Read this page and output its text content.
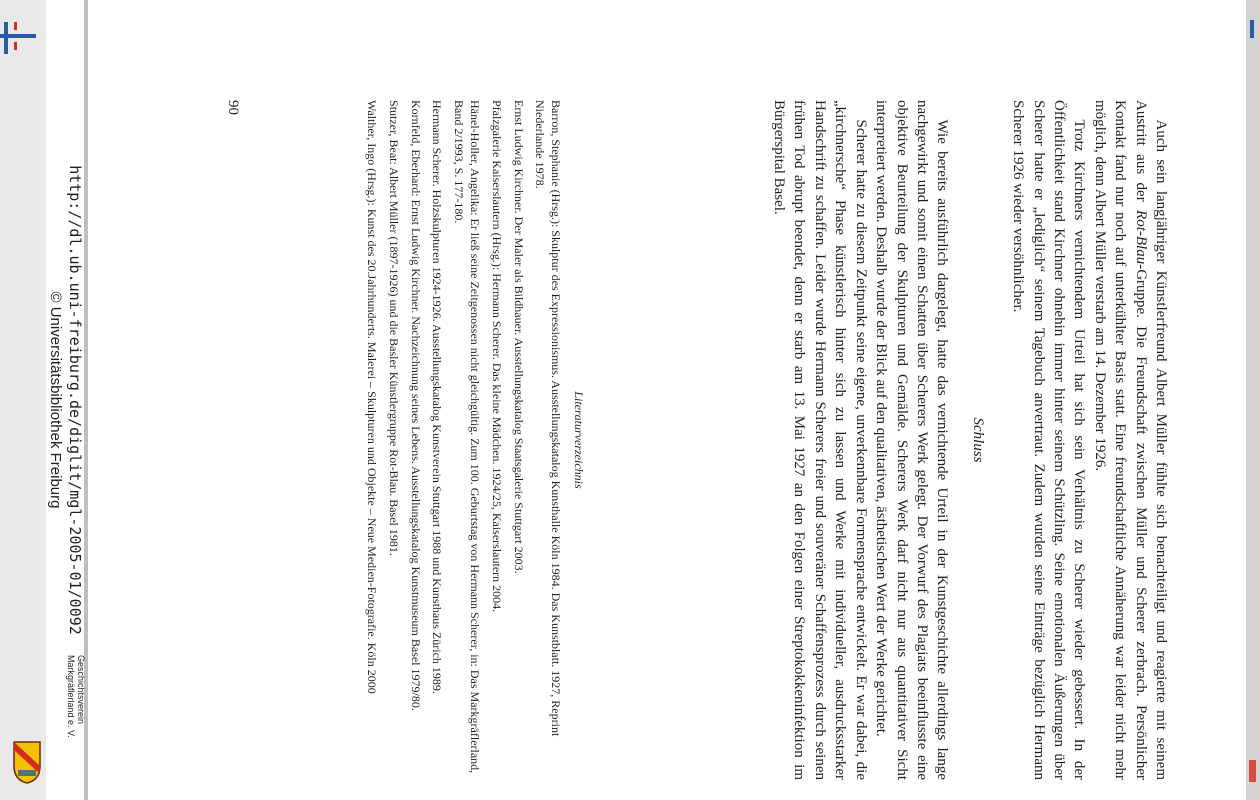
Auch sein langjähriger Künstlerfreund Albert Müller fühlte sich benachteiligt und reagierte mit seinem Austritt aus der Rot-Blau-Gruppe. Die Freundschaft zwischen Müller und Scherer zerbrach. Persönlicher Kontakt fand nur noch auf unterkühlter Basis statt. Eine freundschaftliche Annäherung war leider nicht mehr möglich, denn Albert Müller verstarb am 14. Dezember 1926.

Trotz Kirchners vernichtendem Urteil hat sich sein Verhältnis zu Scherer wieder gebessert. In der Öffentlichkeit stand Kirchner ohnehin immer hinter seinem Schützling. Seine emotionalen Äußerungen über Scherer hatte er „lediglich“ seinem Tagebuch anvertraut. Zudem wurden seine Einträge bezüglich Hermann Scherer 1926 wieder versöhnlicher.

Schluss

Wie bereits ausführlich dargelegt, hatte das vernichtende Urteil in der Kunstgeschichte allerdings lange nachgewirkt und somit einen Schatten über Scherers Werk gelegt. Der Vorwurf des Plagiats beeinflusste eine objektive Beurteilung der Skulpturen und Gemälde. Scherers Werk darf nicht nur aus quantitativer Sicht interpretiert werden. Deshalb wurde der Blick auf den qualitativen, ästhetischen Wert der Werke gerichtet.

Scherer hatte zu diesem Zeitpunkt seine eigene, unverkennbare Formensprache entwickelt. Er war dabei, die „kirchnersche“ Phase künstlerisch hinter sich zu lassen und Werke mit individueller, ausdrucksstarker Handschrift zu schaffen. Leider wurde Hermann Scherers freier und souveräner Schaffensprozess durch seinen frühen Tod abrupt beendet, denn er starb am 13. Mai 1927 an den Folgen einer Streptokokkeninfektion im Bürgerspital Basel.

Literaturverzeichnis
Barron, Stephanie (Hrsg.): Skulptur des Expressionismus. Ausstellungskatalog Kunsthalle Köln 1984. Das Kunstblatt. 1927, Reprint Niederlande 1978.
Ernst Ludwig Kirchner. Der Maler als Bildhauer. Ausstellungskatalog Staatsgalerie Stuttgart 2003.
Pfalzgalerie Kaiserslautern (Hrsg.): Hermann Scherer. Das kleine Mädchen. 1924/25, Kaiserslautern 2004.
Hänel-Holler, Angelika: Er ließ seine Zeitgenossen nicht gleichgültig. Zum 100. Geburtstag von Hermann Scherer, in: Das Markgräflerland, Band 2/1993, S. 177-180.
Hermann Scherer. Holzskulpturen 1924-1926. Ausstellungskatalog Kunstverein Stuttgart 1988 und Kunsthaus Zürich 1989.
Kornfeld, Eberhard: Ernst Ludwig Kirchner. Nachzeichnung seines Lebens. Ausstellungskatalog Kunstmuseum Basel 1979/80.
Stutzer, Beat: Albert Müller (1897-1926) und die Basler Künstlergruppe Rot-Blau. Basel 1981.
Walther, Ingo (Hrsg.): Kunst des 20.Jahrhunderts. Malerei – Skulpturen und Objekte – Neue Medien-Fotografie. Köln 2000
90
http://dl.ub.uni-freiburg.de/diglit/mgl-2005-01/0092
© Universitätsbibliothek Freiburg
Geschichtsverein
Markgräflerland e. V.
